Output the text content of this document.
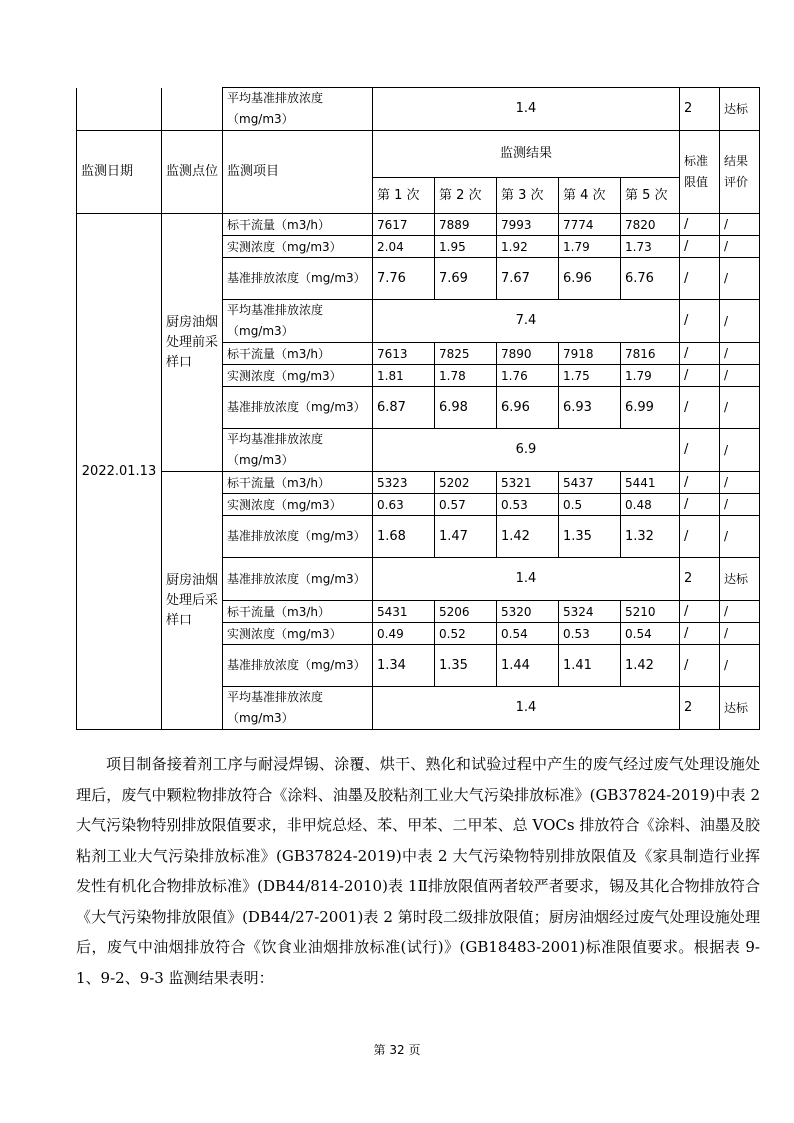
		平均基准排放浓度（mg/m3）	1.4					2	达标
监测日期	监测点位	监测项目	监测结果					标准限值	结果评价
			第 1 次	第 2 次	第 3 次	第 4 次	第 5 次		
2022.01.13	厨房油烟处理前采样口	标干流量（m3/h）	7617	7889	7993	7774	7820	/	/
		实测浓度（mg/m3）	2.04	1.95	1.92	1.79	1.73	/	/
		基准排放浓度（mg/m3）	7.76	7.69	7.67	6.96	6.76	/	/
		平均基准排放浓度（mg/m3）	7.4					/	/
		标干流量（m3/h）	7613	7825	7890	7918	7816	/	/
		实测浓度（mg/m3）	1.81	1.78	1.76	1.75	1.79	/	/
		基准排放浓度（mg/m3）	6.87	6.98	6.96	6.93	6.99	/	/
		平均基准排放浓度（mg/m3）	6.9					/	/
	厨房油烟处理后采样口	标干流量（m3/h）	5323	5202	5321	5437	5441	/	/
		实测浓度（mg/m3）	0.63	0.57	0.53	0.5	0.48	/	/
		基准排放浓度（mg/m3）	1.68	1.47	1.42	1.35	1.32	/	/
		基准排放浓度（mg/m3）	1.4					2	达标
		标干流量（m3/h）	5431	5206	5320	5324	5210	/	/
		实测浓度（mg/m3）	0.49	0.52	0.54	0.53	0.54	/	/
		基准排放浓度（mg/m3）	1.34	1.35	1.44	1.41	1.42	/	/
		平均基准排放浓度（mg/m3）	1.4					2	达标

项目制备接着剂工序与耐浸焊锡、涂覆、烘干、熟化和试验过程中产生的废气经过废气处理设施处理后，废气中颗粒物排放符合《涂料、油墨及胶粘剂工业大气污染排放标准》(GB37824-2019)中表 2 大气污染物特别排放限值要求，非甲烷总烃、苯、甲苯、二甲苯、总 VOCs 排放符合《涂料、油墨及胶粘剂工业大气污染排放标准》(GB37824-2019)中表 2 大气污染物特别排放限值及《家具制造行业挥发性有机化合物排放标准》(DB44/814-2010)表 1Ⅱ排放限值两者较严者要求，锡及其化合物排放符合《大气污染物排放限值》(DB44/27-2001)表 2 第时段二级排放限值；厨房油烟经过废气处理设施处理后，废气中油烟排放符合《饮食业油烟排放标准(试行)》(GB18483-2001)标准限值要求。根据表 9-1、9-2、9-3 监测结果表明：

第 32 页
